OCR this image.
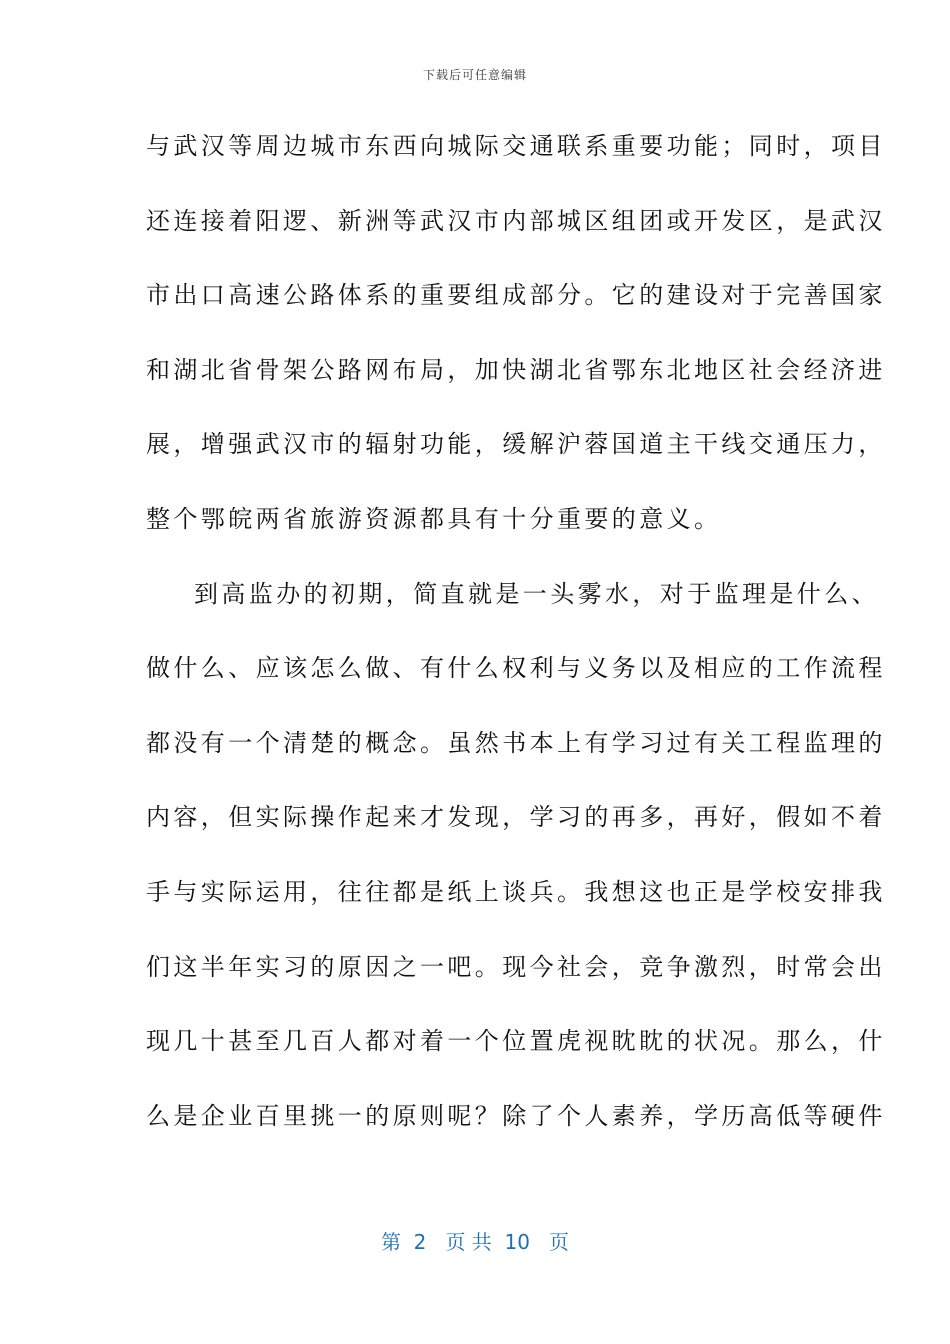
下载后可任意编辑
与武汉等周边城市东西向城际交通联系重要功能；同时，项目
还连接着阳逻、新洲等武汉市内部城区组团或开发区，是武汉
市出口高速公路体系的重要组成部分。它的建设对于完善国家
和湖北省骨架公路网布局，加快湖北省鄂东北地区社会经济进
展，增强武汉市的辐射功能，缓解沪蓉国道主干线交通压力，
整个鄂皖两省旅游资源都具有十分重要的意义。
到高监办的初期，简直就是一头雾水，对于监理是什么、
做什么、应该怎么做、有什么权利与义务以及相应的工作流程
都没有一个清楚的概念。虽然书本上有学习过有关工程监理的
内容，但实际操作起来才发现，学习的再多，再好，假如不着
手与实际运用，往往都是纸上谈兵。我想这也正是学校安排我
们这半年实习的原因之一吧。现今社会，竞争激烈，时常会出
现几十甚至几百人都对着一个位置虎视眈眈的状况。那么，什
么是企业百里挑一的原则呢？除了个人素养，学历高低等硬件
第  2   页 共  10   页
